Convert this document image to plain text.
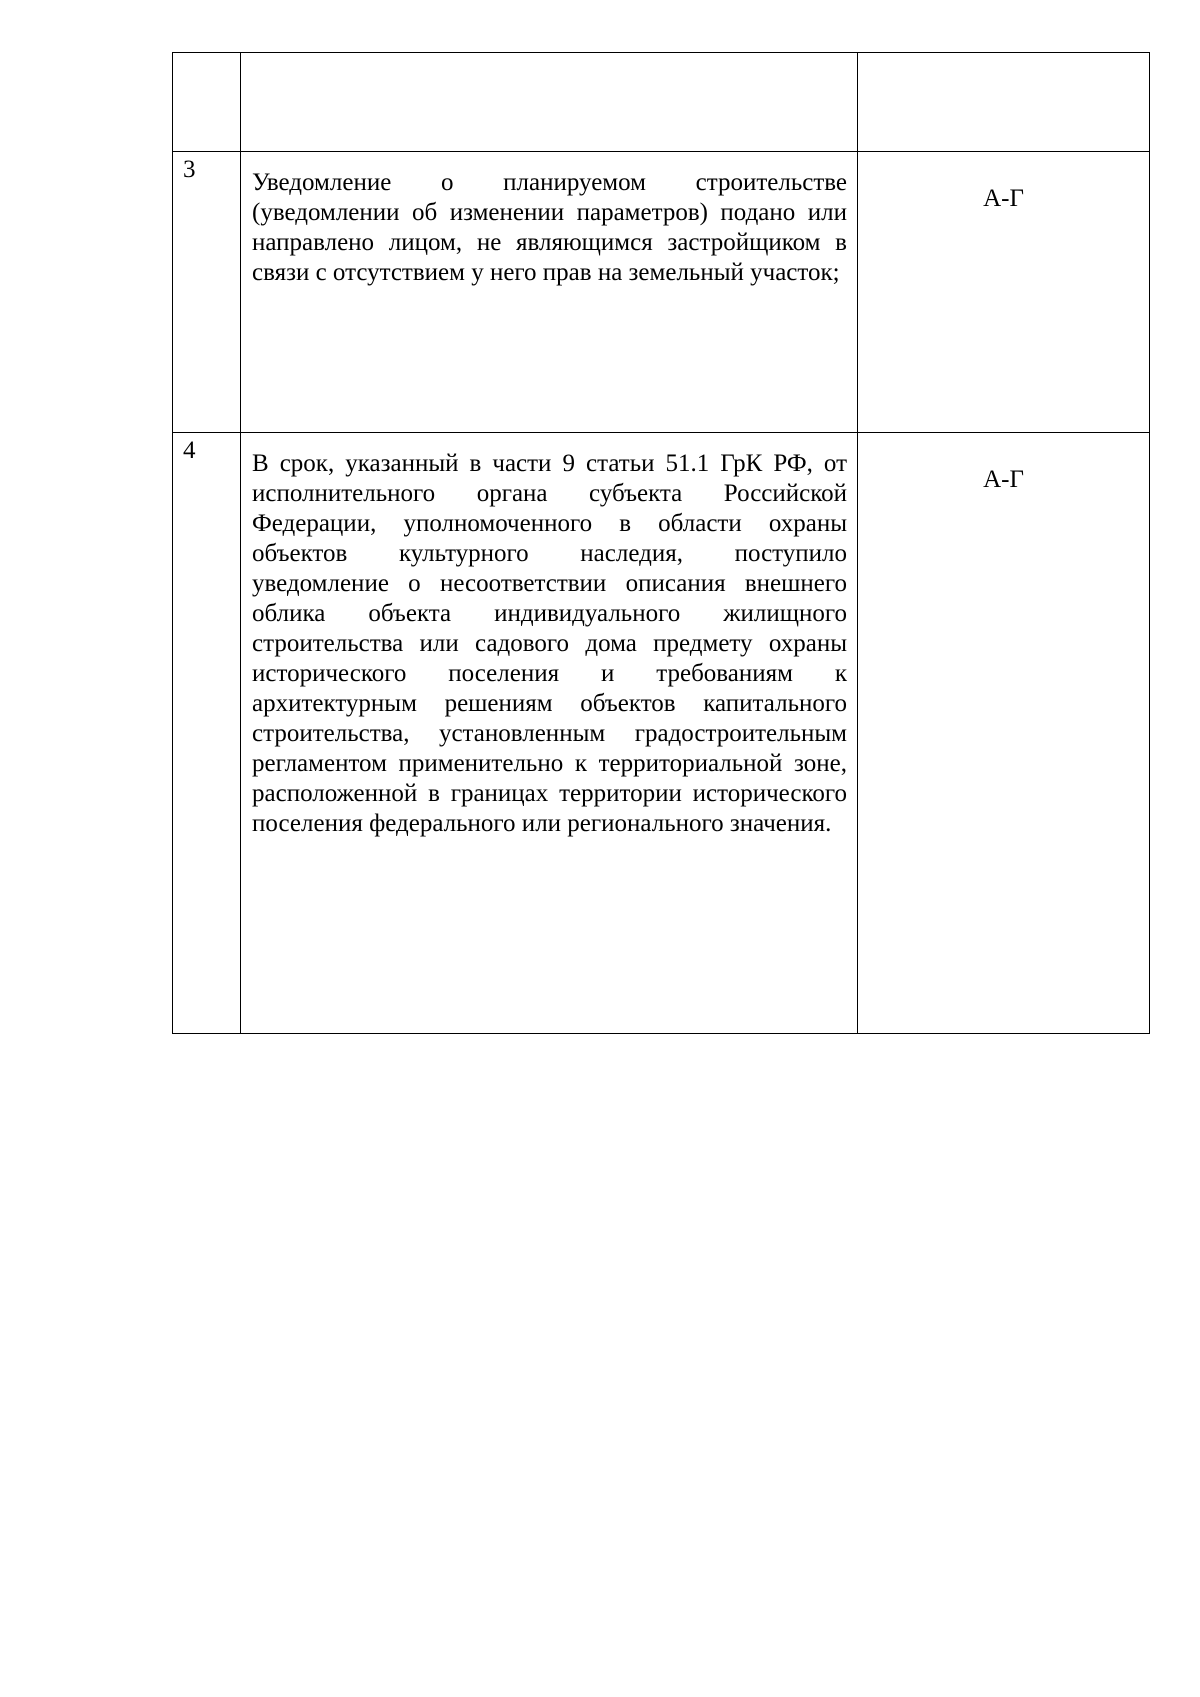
3	Уведомление о планируемом строительстве (уведомлении об изменении параметров) подано или направлено лицом, не являющимся застройщиком в связи с отсутствием у него прав на земельный участок;	А-Г
4	В срок, указанный в части 9 статьи 51.1 ГрК РФ, от исполнительного органа субъекта Российской Федерации, уполномоченного в области охраны объектов культурного наследия, поступило уведомление о несоответствии описания внешнего облика объекта индивидуального жилищного строительства или садового дома предмету охраны исторического поселения и требованиям к архитектурным решениям объектов капитального строительства, установленным градостроительным регламентом применительно к территориальной зоне, расположенной в границах территории исторического поселения федерального или регионального значения.	А-Г
